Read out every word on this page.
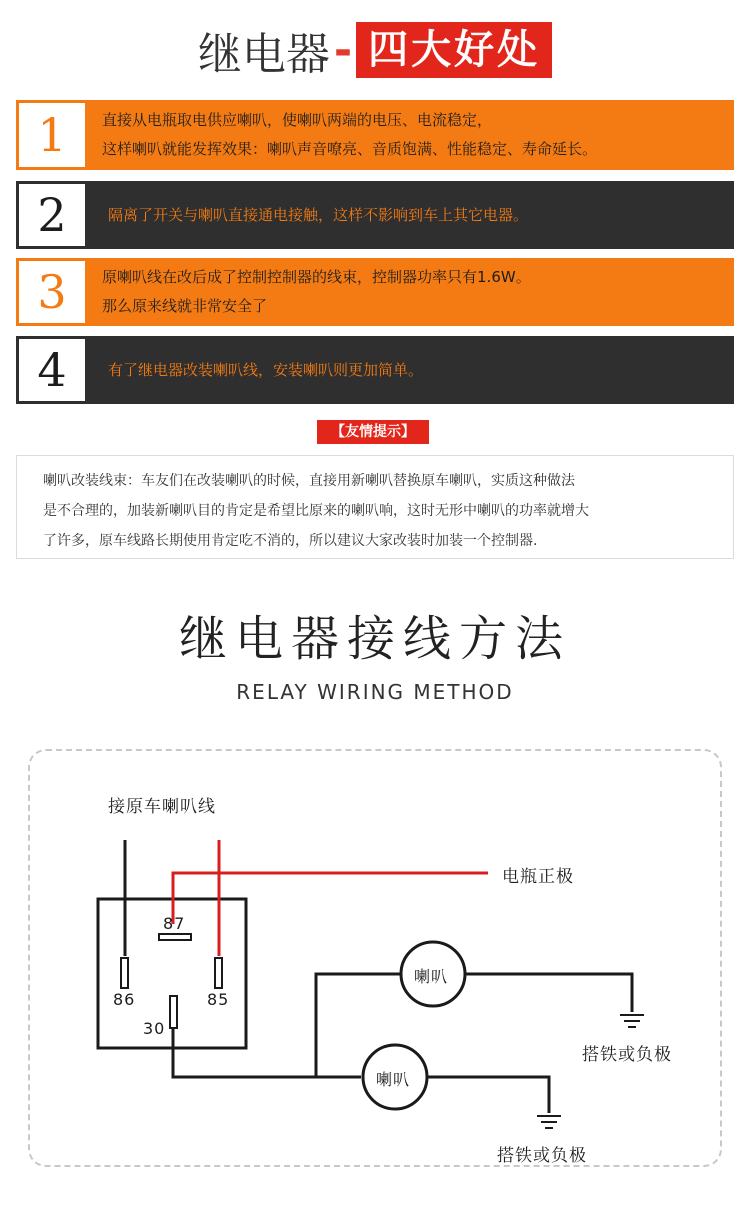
继电器- 四大好处
1	直接从电瓶取电供应喇叭，使喇叭两端的电压、电流稳定，
这样喇叭就能发挥效果：喇叭声音嘹亮、音质饱满、性能稳定、寿命延长。
2	隔离了开关与喇叭直接通电接触，这样不影响到车上其它电器。
3	原喇叭线在改后成了控制控制器的线束，控制器功率只有1.6W。
那么原来线就非常安全了
4	有了继电器改装喇叭线，安装喇叭则更加简单。
【友情提示】

喇叭改装线束：车友们在改装喇叭的时候，直接用新喇叭替换原车喇叭，实质这种做法

是不合理的，加装新喇叭目的肯定是希望比原来的喇叭响，这时无形中喇叭的功率就增大

了许多，原车线路长期使用肯定吃不消的，所以建议大家改装时加装一个控制器.

继电器接线方法
RELAY WIRING METHOD
接原车喇叭线
电瓶正极
87
86	85
30
喇叭
喇叭
搭铁或负极
搭铁或负极
